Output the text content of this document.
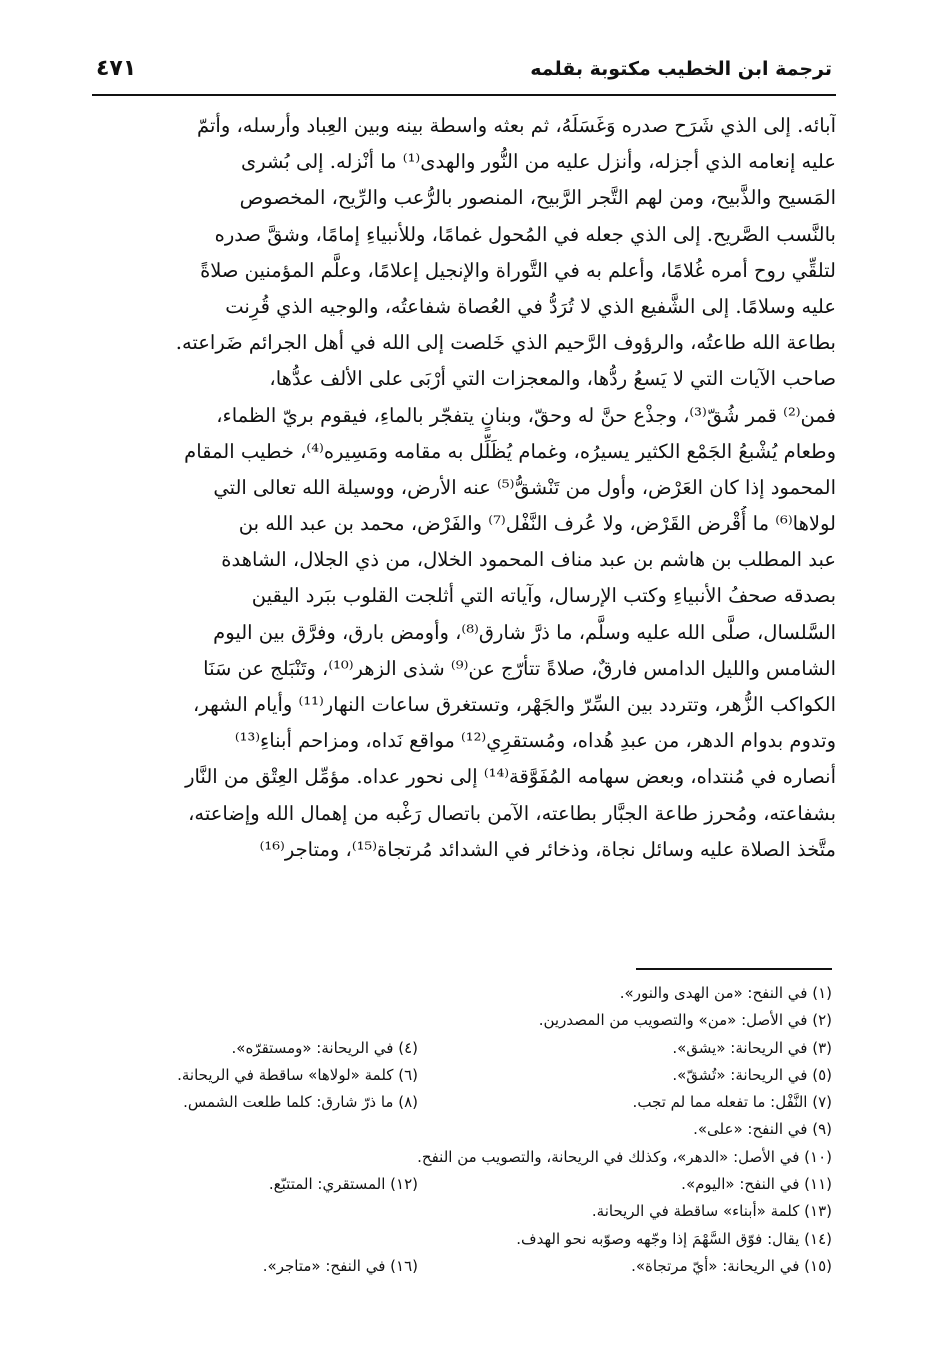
ترجمة ابن الخطيب مكتوبة بقلمه
٤٧١
آبائه. إلى الذي شَرَح صدره وَغَسَلَهُ، ثم بعثه واسطة بينه وبين العِباد وأرسله، وأتمّ
عليه إنعامه الذي أجزله، وأنزل عليه من النُّور والهدى⁽¹⁾ ما أنْزله. إلى بُشرى
المَسيح والذَّبيح، ومن لهم التَّجر الرَّبيح، المنصور بالرُّعب والرِّيح، المخصوص
بالنَّسب الصَّريح. إلى الذي جعله في المُحول غمامًا، وللأنبياءِ إمامًا، وشقَّ صدره
لتلقِّي روح أمره غُلامًا، وأعلم به في التَّوراة والإنجيل إعلامًا، وعلَّم المؤمنين صلاةً
عليه وسلامًا. إلى الشَّفيع الذي لا تُرَدُّ في العُصاة شفاعتُه، والوجيه الذي قُرِنت
بطاعة الله طاعتُه، والرؤوف الرَّحيم الذي خَلصت إلى الله في أهل الجرائم ضَراعته.
صاحب الآيات التي لا يَسعُ ردُّها، والمعجزات التي أرْبَى على الألف عدُّها،
فمن⁽²⁾ قمر شُقّ⁽³⁾، وجذْع حنَّ له وحقّ، وبنانٍ يتفجّر بالماءِ، فيقوم بريّ الظماء،
وطعام يُشْبعُ الجَمْع الكثير يسيرُه، وغمام يُظَلِّل به مقامه ومَسِيره⁽⁴⁾، خطيب المقام
المحمود إذا كان العَرْض، وأول من تَنْشقُّ⁽⁵⁾ عنه الأرض، ووسيلة الله تعالى التي
لولاها⁽⁶⁾ ما أُقْرض القَرْض، ولا عُرف النَّفْل⁽⁷⁾ والفَرْض، محمد بن عبد الله بن
عبد المطلب بن هاشم بن عبد مناف المحمود الخلال، من ذي الجلال، الشاهدة
بصدقه صحفُ الأنبياءِ وكتب الإرسال، وآياته التي أثلجت القلوب ببَرد اليقين
السَّلسال، صلَّى الله عليه وسلَّم، ما ذرَّ شارق⁽⁸⁾، وأومض بارق، وفرَّق بين اليوم
الشامس والليل الدامس فارقٌ، صلاةً تتأرّج عن⁽⁹⁾ شذى الزهر⁽¹⁰⁾، وتَنْبَلج عن سَنَا
الكواكب الزُّهر، وتتردد بين السِّرّ والجَهْر، وتستغرق ساعات النهار⁽¹¹⁾ وأيام الشهر،
وتدوم بدوام الدهر، من عبدِ هُداه، ومُستقرِي⁽¹²⁾ مواقع نَداه، ومزاحم أبناءِ⁽¹³⁾
أنصاره في مُنتداه، وبعض سهامه المُفَوَّقة⁽¹⁴⁾ إلى نحور عداه. مؤمِّل العِتْق من النَّار
بشفاعته، ومُحرز طاعة الجبَّار بطاعته، الآمن باتصال رَغْبه من إهمال الله وإضاعته،
متَّخذ الصلاة عليه وسائل نجاة، وذخائر في الشدائد مُرتجاة⁽¹⁵⁾، ومتاجر⁽¹⁶⁾
(١) في النفح: «من الهدى والنور».
(٢) في الأصل: «من» والتصويب من المصدرين.
(٣) في الريحانة: «يشق».
(٤) في الريحانة: «ومستقرّه».
(٥) في الريحانة: «تُشقّ».
(٦) كلمة «لولاها» ساقطة في الريحانة.
(٧) النَّفْل: ما تفعله مما لم تجب.
(٨) ما ذرّ شارق: كلما طلعت الشمس.
(٩) في النفح: «على».
(١٠) في الأصل: «الدهر»، وكذلك في الريحانة، والتصويب من النفح.
(١١) في النفح: «اليوم».
(١٢) المستقري: المتتبّع.
(١٣) كلمة «أبناء» ساقطة في الريحانة.
(١٤) يقال: فوّق السَّهْمَ إذا وجّهه وصوّبه نحو الهدف.
(١٥) في الريحانة: «أيّ مرتجاة».
(١٦) في النفح: «متاجر».
